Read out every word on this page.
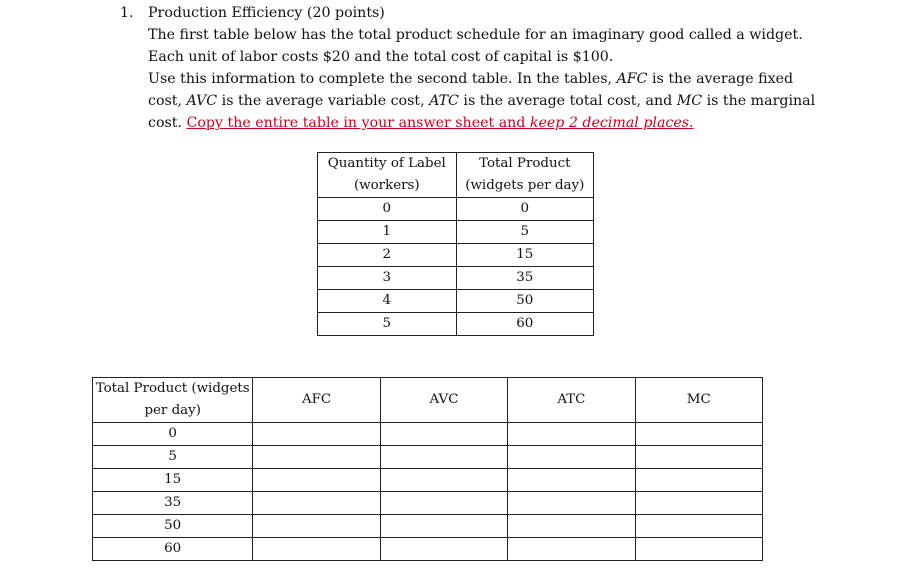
1. Production Efficiency (20 points)

The first table below has the total product schedule for an imaginary good called a widget. Each unit of labor costs $20 and the total cost of capital is $100.

Use this information to complete the second table. In the tables, AFC is the average fixed cost, AVC is the average variable cost, ATC is the average total cost, and MC is the marginal cost. Copy the entire table in your answer sheet and keep 2 decimal places.

Quantity of Label (workers)	Total Product (widgets per day)
0	0
1	5
2	15
3	35
4	50
5	60
Total Product (widgets per day)	AFC	AVC	ATC	MC
0				
5				
15				
35				
50				
60				
